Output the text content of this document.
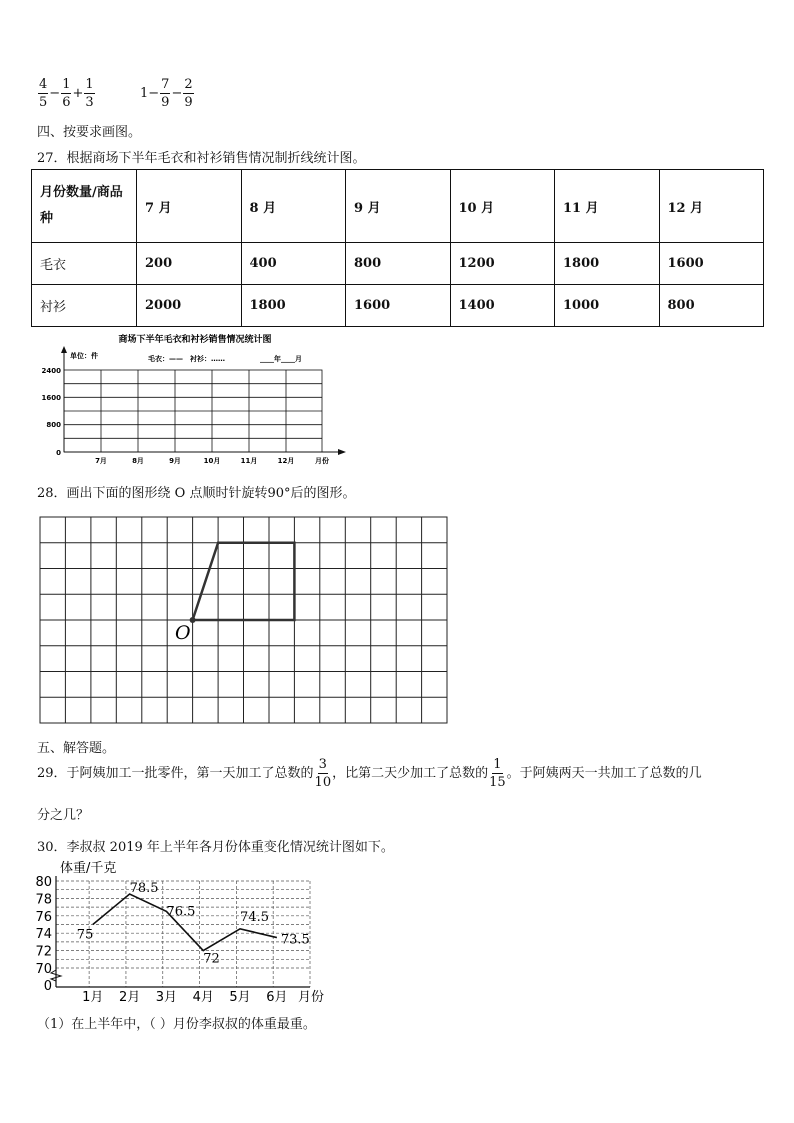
$\frac{4}{5} - \frac{1}{6} + \frac{1}{3}$	$1- \frac{7}{9} - \frac{2}{9}$
四、按要求画图。
27．根据商场下半年毛衣和衬衫销售情况制折线统计图。
月份数量/商品
种	7 月	8 月	9 月	10 月	11 月	12 月
毛衣	200	400	800	1200	1800	1600
衬衫	2000	1800	1600	1400	1000	800
商场下半年毛衣和衬衫销售情况统计图
单位：件	毛衣：—— 衬衫：……	____年____月
2400
1600
800
0
7月	8月	9月	10月	11月	12月	月份
28．画出下面的图形绕 O 点顺时针旋转90°后的图形。
O
五、解答题。
29．于阿姨加工一批零件，第一天加工了总数的 $\frac{3}{10}$ ，比第二天少加工了总数的 $\frac{1}{15}$ 。于阿姨两天一共加工了总数的几
分之几？
30．李叔叔 2019 年上半年各月份体重变化情况统计图如下。
体重/千克
80
78
76
74
72
70
0
1月 2月 3月 4月 5月 6月 月份
75
78.5
76.5
72
74.5
73.5
（1）在上半年中，（ ）月份李叔叔的体重最重。
